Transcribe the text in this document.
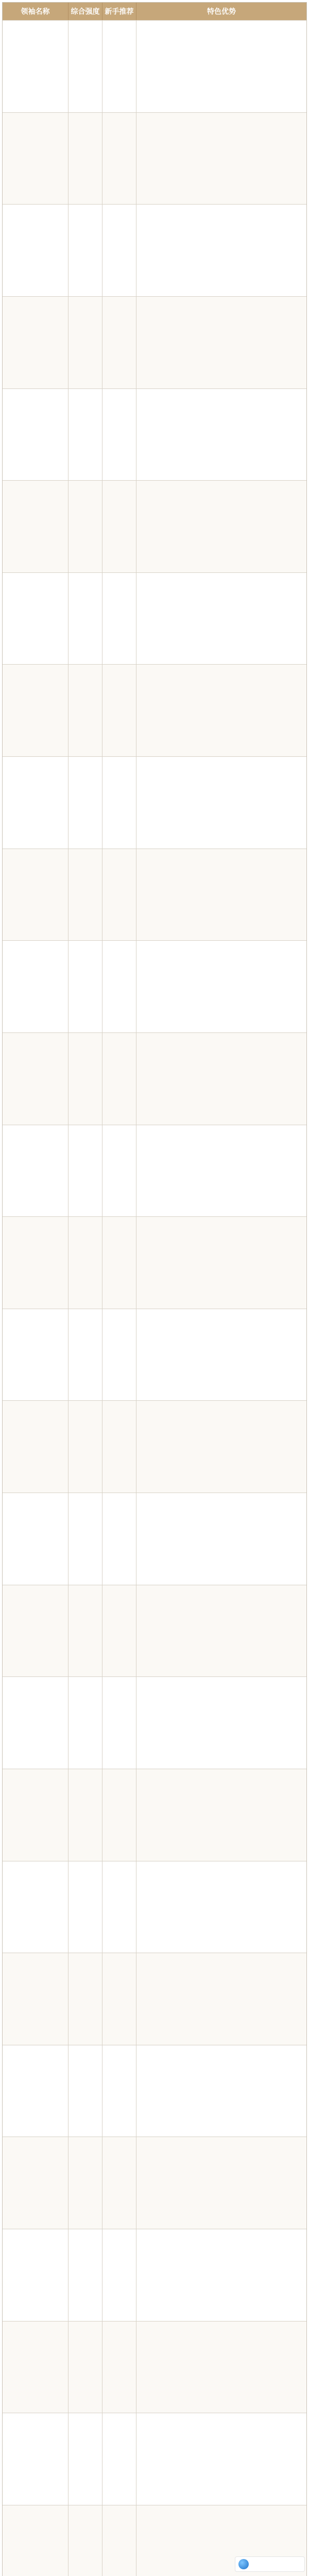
领袖名称	综合强度 新手推荐	特色优势
